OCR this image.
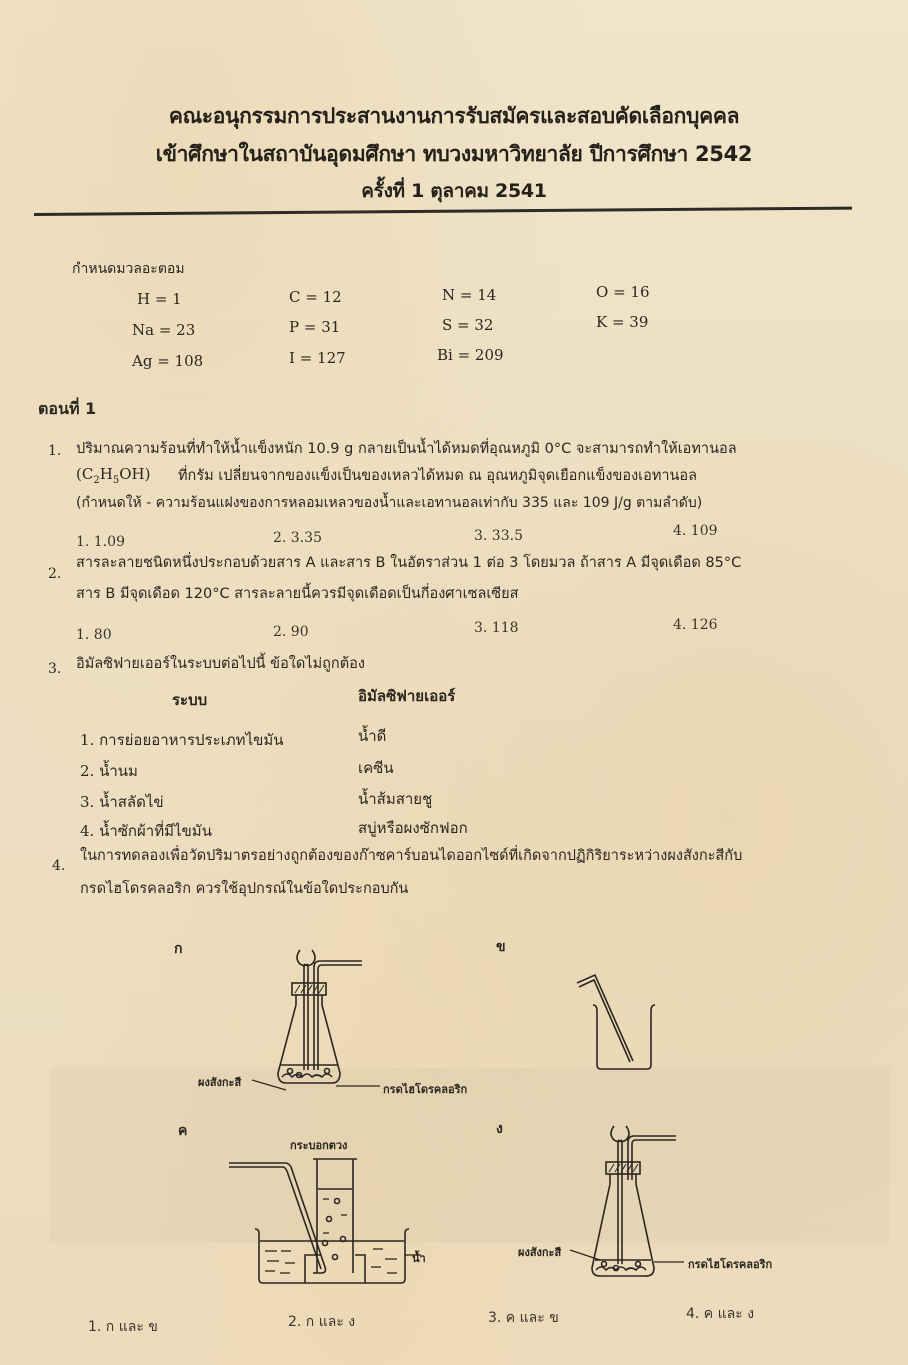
คณะอนุกรรมการประสานงานการรับสมัครและสอบคัดเลือกบุคคล
เข้าศึกษาในสถาบันอุดมศึกษา ทบวงมหาวิทยาลัย ปีการศึกษา 2542
ครั้งที่ 1 ตุลาคม 2541
กำหนดมวลอะตอม
H = 1	C = 12	N = 14	O = 16
Na = 23	P = 31	S = 32	K = 39
Ag = 108	I = 127	Bi = 209
ตอนที่ 1
1. ปริมาณความร้อนที่ทำให้น้ำแข็งหนัก 10.9 g กลายเป็นน้ำได้หมดที่อุณหภูมิ 0°C จะสามารถทำให้เอทานอล
$(C_2H_5OH)$ ที่กรัม เปลี่ยนจากของแข็งเป็นของเหลวได้หมด ณ อุณหภูมิจุดเยือกแข็งของเอทานอล
(กำหนดให้ - ความร้อนแฝงของการหลอมเหลวของน้ำและเอทานอลเท่ากับ 335 และ 109 J/g ตามลำดับ)
1. 1.09	2. 3.35	3. 33.5	4. 109
2.
สารละลายชนิดหนึ่งประกอบด้วยสาร A และสาร B ในอัตราส่วน 1 ต่อ 3 โดยมวล ถ้าสาร A มีจุดเดือด 85°C
สาร B มีจุดเดือด 120°C สารละลายนี้ควรมีจุดเดือดเป็นกี่องศาเซลเซียส
1. 80	2. 90	3. 118	4. 126
3. อิมัลซิฟายเออร์ในระบบต่อไปนี้ ข้อใดไม่ถูกต้อง
ระบบ	อิมัลซิฟายเออร์
1. การย่อยอาหารประเภทไขมัน	น้ำดี
2. น้ำนม	เคซีน
3. น้ำสลัดไข่	น้ำส้มสายชู
4. น้ำซักผ้าที่มีไขมัน	สบู่หรือผงซักฟอก
4.
ในการทดลองเพื่อวัดปริมาตรอย่างถูกต้องของก๊าซคาร์บอนไดออกไซด์ที่เกิดจากปฏิกิริยาระหว่างผงสังกะสีกับ
กรดไฮโดรคลอริก ควรใช้อุปกรณ์ในข้อใดประกอบกัน
ก	ข
ค	ง
ผงสังกะสี
กรดไฮโดรคลอริก
กระบอกตวง
น้ำ	ผงสังกะสี
กรดไฮโดรคลอริก
1. ก และ ข	2. ก และ ง	3. ค และ ข	4. ค และ ง
